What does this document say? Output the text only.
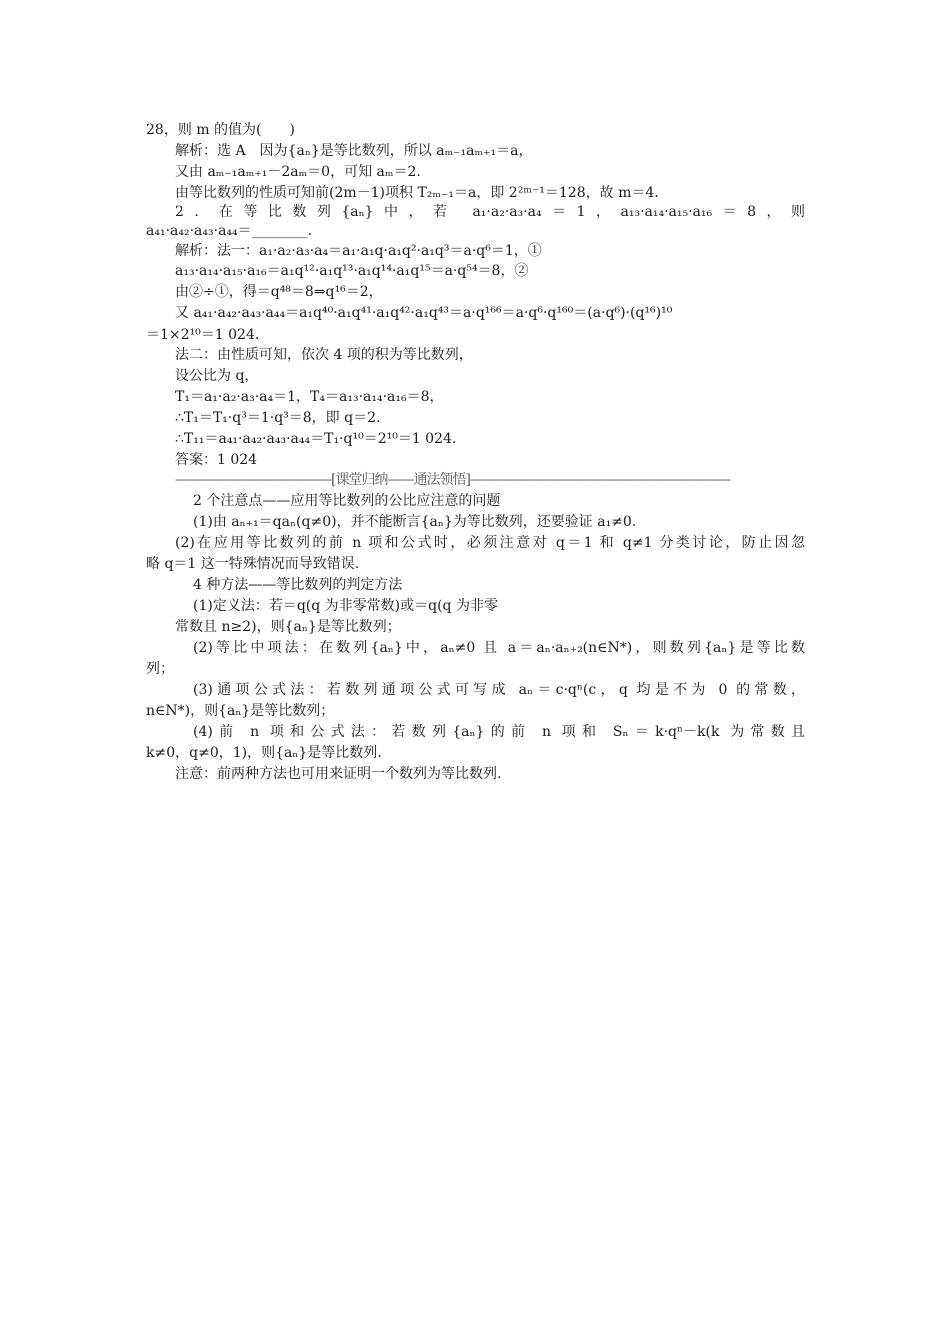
28，则 m 的值为(　　)
解析：选 A　因为{aₙ}是等比数列，所以 aₘ₋₁aₘ₊₁＝a，
又由 aₘ₋₁aₘ₊₁－2aₘ＝0，可知 aₘ＝2.
由等比数列的性质可知前(2m－1)项积 T₂ₘ₋₁＝a，即 2²ᵐ⁻¹＝128，故 m＝4.
2．在等比数列{aₙ}中，若 a₁·a₂·a₃·a₄＝1，a₁₃·a₁₄·a₁₅·a₁₆＝8，则
a₄₁·a₄₂·a₄₃·a₄₄＝________.
解析：法一：a₁·a₂·a₃·a₄＝a₁·a₁q·a₁q²·a₁q³＝a·q⁶＝1，①
a₁₃·a₁₄·a₁₅·a₁₆＝a₁q¹²·a₁q¹³·a₁q¹⁴·a₁q¹⁵＝a·q⁵⁴＝8，②
由②÷①，得＝q⁴⁸＝8⇒q¹⁶＝2，
又 a₄₁·a₄₂·a₄₃·a₄₄＝a₁q⁴⁰·a₁q⁴¹·a₁q⁴²·a₁q⁴³＝a·q¹⁶⁶＝a·q⁶·q¹⁶⁰＝(a·q⁶)·(q¹⁶)¹⁰
＝1×2¹⁰＝1 024.
法二：由性质可知，依次 4 项的积为等比数列，
设公比为 q，
T₁＝a₁·a₂·a₃·a₄＝1，T₄＝a₁₃·a₁₄·a₁₆＝8，
∴T₁＝T₁·q³＝1·q³＝8，即 q＝2.
∴T₁₁＝a₄₁·a₄₂·a₄₃·a₄₄＝T₁·q¹⁰＝2¹⁰＝1 024.
答案：1 024
————————————[课堂归纳——通法领悟]————————————————————
2 个注意点——应用等比数列的公比应注意的问题
(1)由 aₙ₊₁＝qaₙ(q≠0)，并不能断言{aₙ}为等比数列，还要验证 a₁≠0.
(2)在应用等比数列的前 n 项和公式时，必须注意对 q＝1 和 q≠1 分类讨论，防止因忽
略 q＝1 这一特殊情况而导致错误.
4 种方法——等比数列的判定方法
(1)定义法：若＝q(q 为非零常数)或＝q(q 为非零
常数且 n≥2)，则{aₙ}是等比数列；
(2)等比中项法：在数列{aₙ}中，aₙ≠0 且 a＝aₙ·aₙ₊₂(n∈N*)，则数列{aₙ}是等比数
列；
(3)通项公式法：若数列通项公式可写成 aₙ＝c·qⁿ(c，q 均是不为 0 的常数，
n∈N*)，则{aₙ}是等比数列；
(4)前 n 项和公式法：若数列{aₙ}的前 n 项和 Sₙ＝k·qⁿ－k(k 为常数且
k≠0，q≠0，1)，则{aₙ}是等比数列.
注意：前两种方法也可用来证明一个数列为等比数列.
